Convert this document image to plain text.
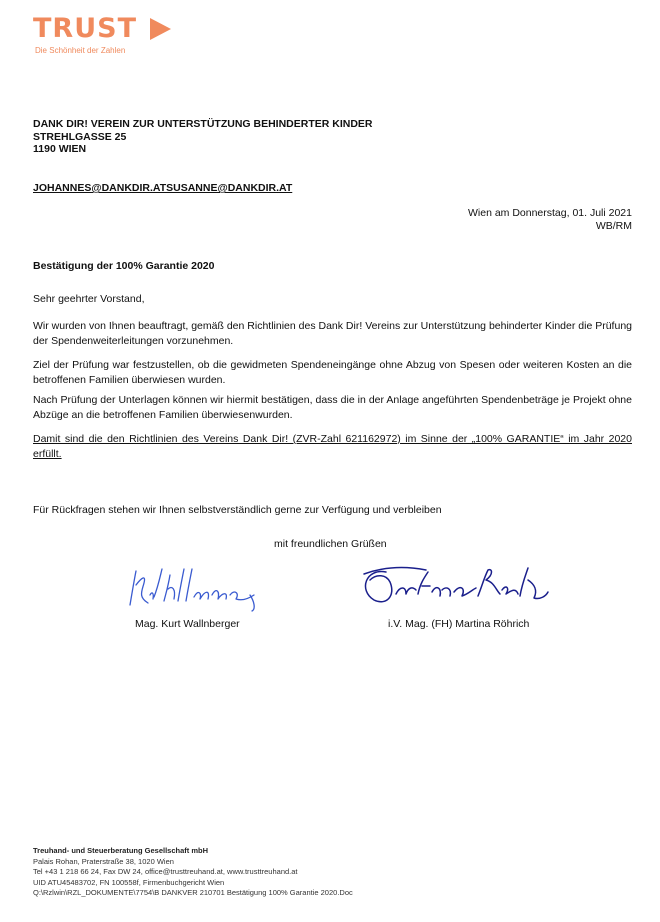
TRUST
Die Schönheit der Zahlen
DANK DIR! VEREIN ZUR UNTERSTÜTZUNG BEHINDERTER KINDER
STREHLGASSE 25
1190 WIEN
JOHANNES@DANKDIR.ATSUSANNE@DANKDIR.AT
Wien am Donnerstag, 01. Juli 2021
WB/RM
Bestätigung der 100% Garantie 2020
Sehr geehrter Vorstand,
Wir wurden von Ihnen beauftragt, gemäß den Richtlinien des Dank Dir! Vereins zur Unterstützung behinderter Kinder die Prüfung der Spendenweiterleitungen vorzunehmen.
Ziel der Prüfung war festzustellen, ob die gewidmeten Spendeneingänge ohne Abzug von Spesen oder weiteren Kosten an die betroffenen Familien überwiesen wurden.
Nach Prüfung der Unterlagen können wir hiermit bestätigen, dass die in der Anlage angeführten Spendenbeträge je Projekt ohne Abzüge an die betroffenen Familien überwiesenwurden.
Damit sind die den Richtlinien des Vereins Dank Dir! (ZVR-Zahl 621162972) im Sinne der „100% GARANTIE“ im Jahr 2020 erfüllt.
Für Rückfragen stehen wir Ihnen selbstverständlich gerne zur Verfügung und verbleiben
mit freundlichen Grüßen
Mag. Kurt Wallnberger	i.V. Mag. (FH) Martina Röhrich
Treuhand- und Steuerberatung Gesellschaft mbH
Palais Rohan, Praterstraße 38, 1020 Wien
Tel +43 1 218 66 24, Fax DW 24, office@trusttreuhand.at, www.trusttreuhand.at
UID ATU45483702, FN 100558f, Firmenbuchgericht Wien
Q:\Rzlwin\RZL_DOKUMENTE\7754\B DANKVER 210701 Bestätigung 100% Garantie 2020.Doc
